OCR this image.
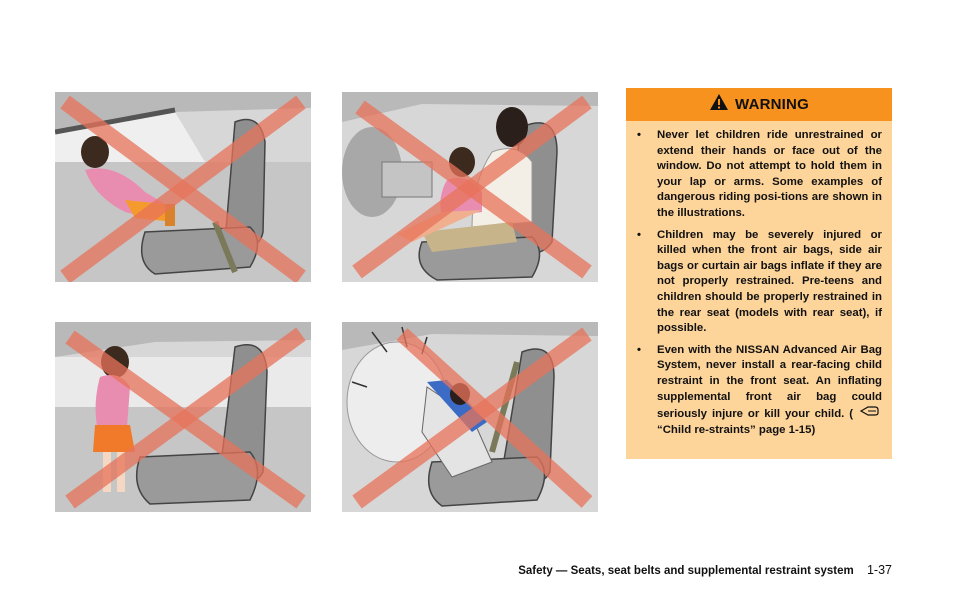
WARNING
• Never let children ride unrestrained or extend their hands or face out of the window. Do not attempt to hold them in your lap or arms. Some examples of dangerous riding posi-tions are shown in the illustrations.
• Children may be severely injured or killed when the front air bags, side air bags or curtain air bags inflate if they are not properly restrained. Pre-teens and children should be properly restrained in the rear seat (models with rear seat), if possible.
• Even with the NISSAN Advanced Air Bag System, never install a rear-facing child restraint in the front seat. An inflating supplemental front air bag could seriously injure or kill your child. (  “Child re-straints” page 1-15)
Safety — Seats, seat belts and supplemental restraint system 1-37
